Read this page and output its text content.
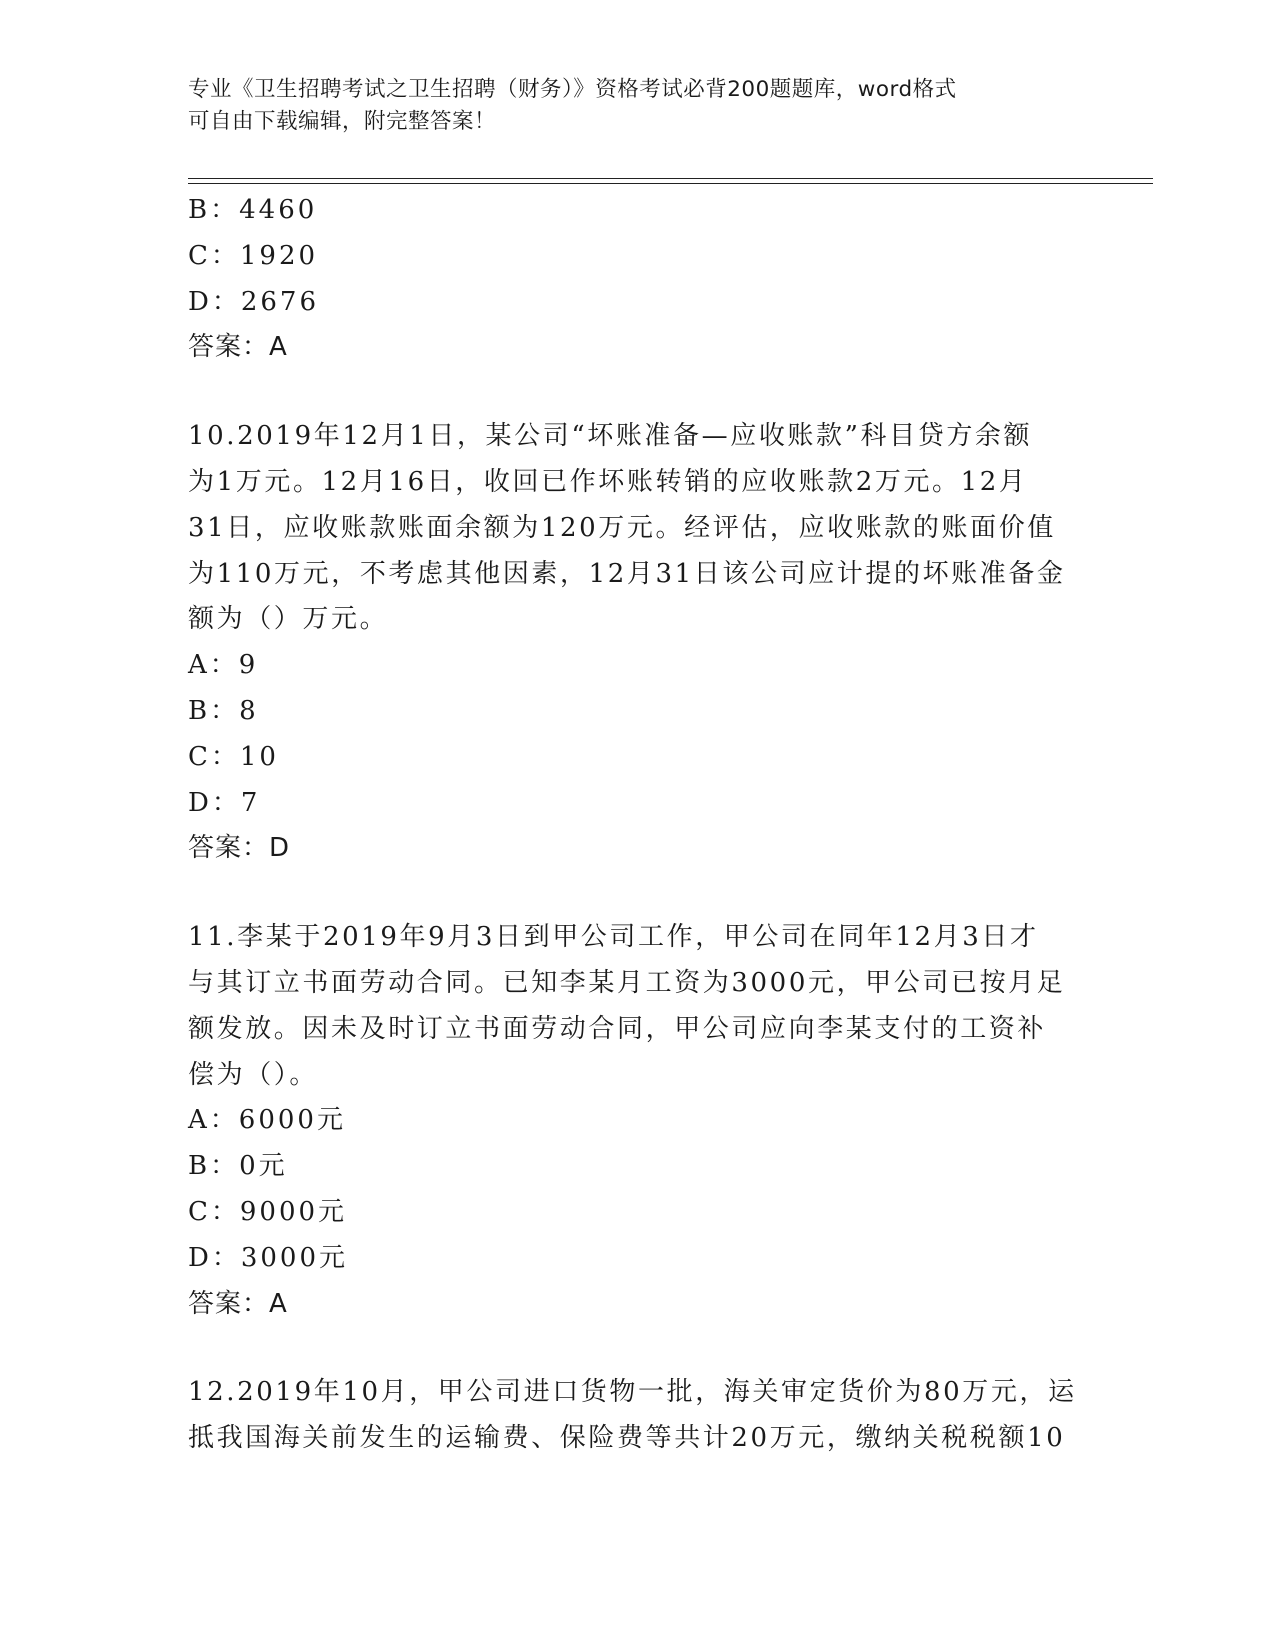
专业《卫生招聘考试之卫生招聘（财务）》资格考试必背200题题库，word格式
可自由下载编辑，附完整答案！
B：4460
C：1920
D：2676
答案：A
10.2019年12月1日，某公司“坏账准备—应收账款”科目贷方余额
为1万元。12月16日，收回已作坏账转销的应收账款2万元。12月
31日，应收账款账面余额为120万元。经评估，应收账款的账面价值
为110万元，不考虑其他因素，12月31日该公司应计提的坏账准备金
额为（）万元。
A：9
B：8
C：10
D：7
答案：D
11.李某于2019年9月3日到甲公司工作，甲公司在同年12月3日才
与其订立书面劳动合同。已知李某月工资为3000元，甲公司已按月足
额发放。因未及时订立书面劳动合同，甲公司应向李某支付的工资补
偿为（）。
A：6000元
B：0元
C：9000元
D：3000元
答案：A
12.2019年10月，甲公司进口货物一批，海关审定货价为80万元，运
抵我国海关前发生的运输费、保险费等共计20万元，缴纳关税税额10
